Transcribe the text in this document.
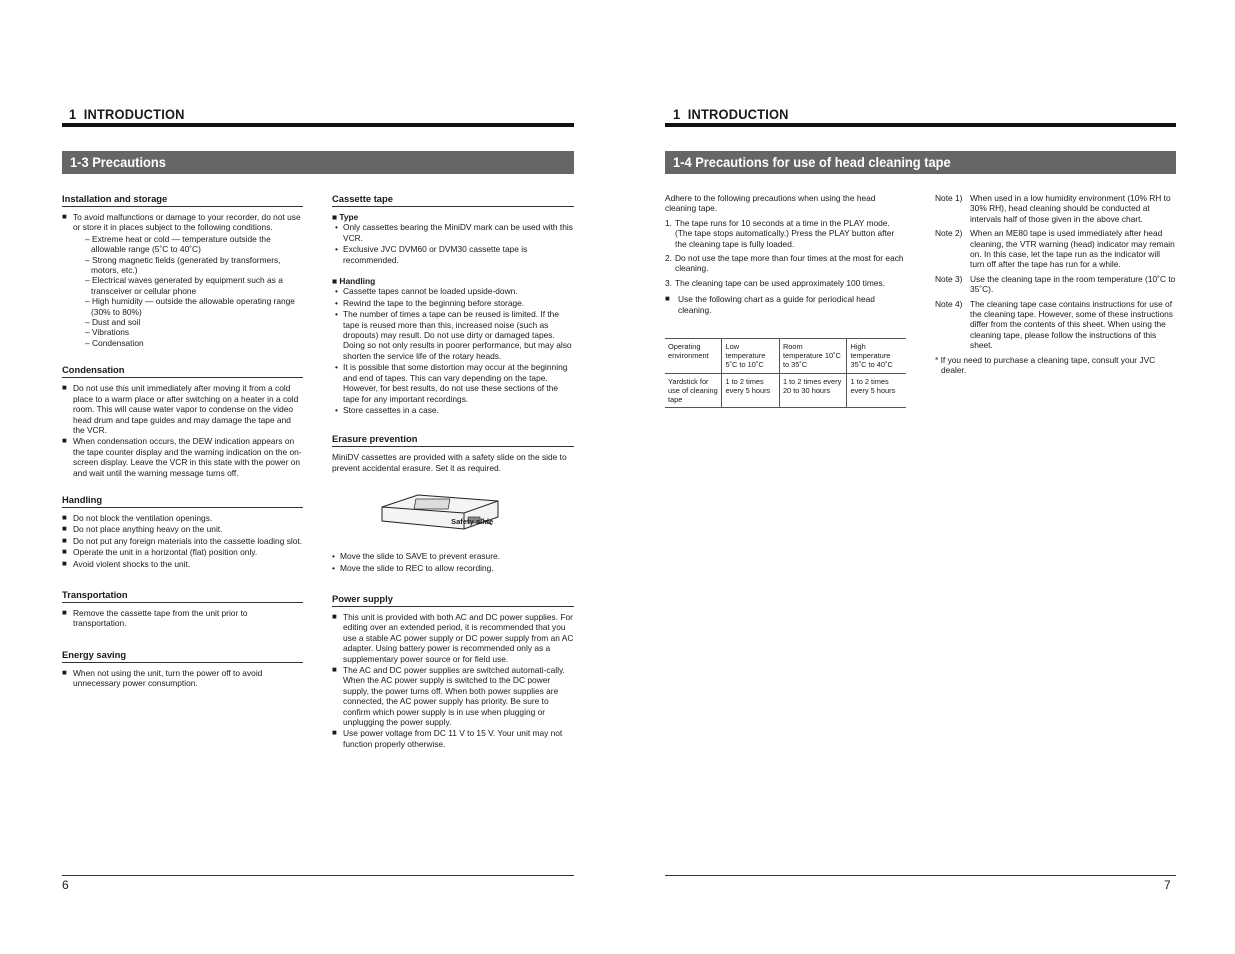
1 INTRODUCTION
1-3 Precautions
Installation and storage
■ To avoid malfunctions or damage to your recorder, do not use or store it in places subject to the following conditions.
– Extreme heat or cold — temperature outside the allowable range (5˚C to 40˚C)
– Strong magnetic fields (generated by transformers, motors, etc.)
– Electrical waves generated by equipment such as a transceiver or cellular phone
– High humidity — outside the allowable operating range (30% to 80%)
– Dust and soil
– Vibrations
– Condensation
Condensation
■ Do not use this unit immediately after moving it from a cold place to a warm place or after switching on a heater in a cold room. This will cause water vapor to condense on the video head drum and tape guides and may damage the tape and the VCR.
■ When condensation occurs, the DEW indication appears on the tape counter display and the warning indication on the on-screen display. Leave the VCR in this state with the power on and wait until the warning message turns off.
Handling
■ Do not block the ventilation openings.
■ Do not place anything heavy on the unit.
■ Do not put any foreign materials into the cassette loading slot.
■ Operate the unit in a horizontal (flat) position only.
■ Avoid violent shocks to the unit.
Transportation
■ Remove the cassette tape from the unit prior to transportation.
Energy saving
■ When not using the unit, turn the power off to avoid unnecessary power consumption.
Cassette tape
■ Type
• Only cassettes bearing the MiniDV mark can be used with this VCR.
• Exclusive JVC DVM60 or DVM30 cassette tape is recommended.
■ Handling
• Cassette tapes cannot be loaded upside-down.
• Rewind the tape to the beginning before storage.
• The number of times a tape can be reused is limited. If the tape is reused more than this, increased noise (such as dropouts) may result. Do not use dirty or damaged tapes. Doing so not only results in poorer performance, but may also shorten the service life of the rotary heads.
• It is possible that some distortion may occur at the beginning and end of tapes. This can vary depending on the tape. However, for best results, do not use these sections of the tape for any important recordings.
• Store cassettes in a case.
Erasure prevention
MiniDV cassettes are provided with a safety slide on the side to prevent accidental erasure. Set it as required.
Safety slide
• Move the slide to SAVE to prevent erasure.
• Move the slide to REC to allow recording.
Power supply
■ This unit is provided with both AC and DC power supplies. For editing over an extended period, it is recommended that you use a stable AC power supply or DC power supply from an AC adapter. Using battery power is recommended only as a supplementary power source or for field use.
■ The AC and DC power supplies are switched automati-cally. When the AC power supply is switched to the DC power supply, the power turns off. When both power supplies are connected, the AC power supply has priority. Be sure to confirm which power supply is in use when plugging or unplugging the power supply.
■ Use power voltage from DC 11 V to 15 V. Your unit may not function properly otherwise.
6
1 INTRODUCTION
1-4 Precautions for use of head cleaning tape
Adhere to the following precautions when using the head cleaning tape.
1. The tape runs for 10 seconds at a time in the PLAY mode. (The tape stops automatically.) Press the PLAY button after the cleaning tape is fully loaded.
2. Do not use the tape more than four times at the most for each cleaning.
3. The cleaning tape can be used approximately 100 times.
■ Use the following chart as a guide for periodical head cleaning.
Operating environment	Low temperature 5˚C to 10˚C	Room temperature 10˚C to 35˚C	High temperature 35˚C to 40˚C
Yardstick for use of cleaning tape	1 to 2 times every 5 hours	1 to 2 times every 20 to 30 hours	1 to 2 times every 5 hours
Note 1) When used in a low humidity environment (10% RH to 30% RH), head cleaning should be conducted at intervals half of those given in the above chart.
Note 2) When an ME80 tape is used immediately after head cleaning, the VTR warning (head) indicator may remain on. In this case, let the tape run as the indicator will turn off after the tape has run for a while.
Note 3) Use the cleaning tape in the room temperature (10˚C to 35˚C).
Note 4) The cleaning tape case contains instructions for use of the cleaning tape. However, some of these instructions differ from the contents of this sheet. When using the cleaning tape, please follow the instructions of this sheet.
* If you need to purchase a cleaning tape, consult your JVC dealer.
7
